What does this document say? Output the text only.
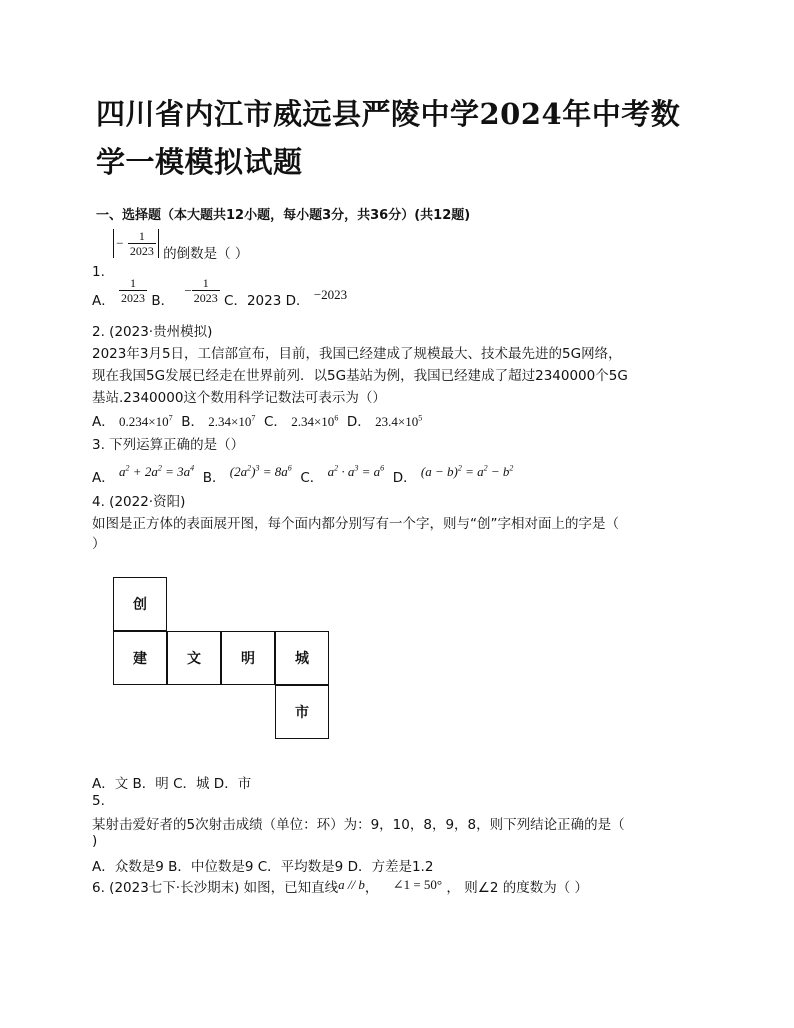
四川省内江市威远县严陵中学2024年中考数
学一模模拟试题
一、选择题（本大题共12小题，每小题3分，共36分）(共12题)
1. − $\frac{1}{2023}$ 的倒数是（ ）
A． $\frac{1}{2023}$ B． − $\frac{1}{2023}$ C．2023 D． −2023
2. (2023·贵州模拟)
2023年3月5日，工信部宣布，目前，我国已经建成了规模最大、技术最先进的5G网络，
现在我国5G发展已经走在世界前列．以5G基站为例，我国已经建成了超过2340000个5G
基站.2340000这个数用科学记数法可表示为（）
A． $0.234\times 10^7$ B． $2.34\times 10^7$ C． $2.34\times 10^6$ D． $23.4\times 10^5$
3. 下列运算正确的是（）
A． $a^2 + 2a^2 = 3a^4$  B． $(2a^2)^3 = 8a^6$  C． $a^2 \cdot a^3 = a^6$  D． $(a - b)^2 = a^2 - b^2$
4. (2022·资阳)
如图是正方体的表面展开图，每个面内都分别写有一个字，则与“创”字相对面上的字是（
）
创
建	文	明	城
市
A．文 B．明 C．城 D．市
5.
某射击爱好者的5次射击成绩（单位：环）为：9，10，8，9，8，则下列结论正确的是（
)
A．众数是9 B．中位数是9 C．平均数是9 D．方差是1.2
6. (2023七下·长沙期末) 如图，已知直线a // b， ∠1 = 50° ， 则∠2 的度数为（ ）
